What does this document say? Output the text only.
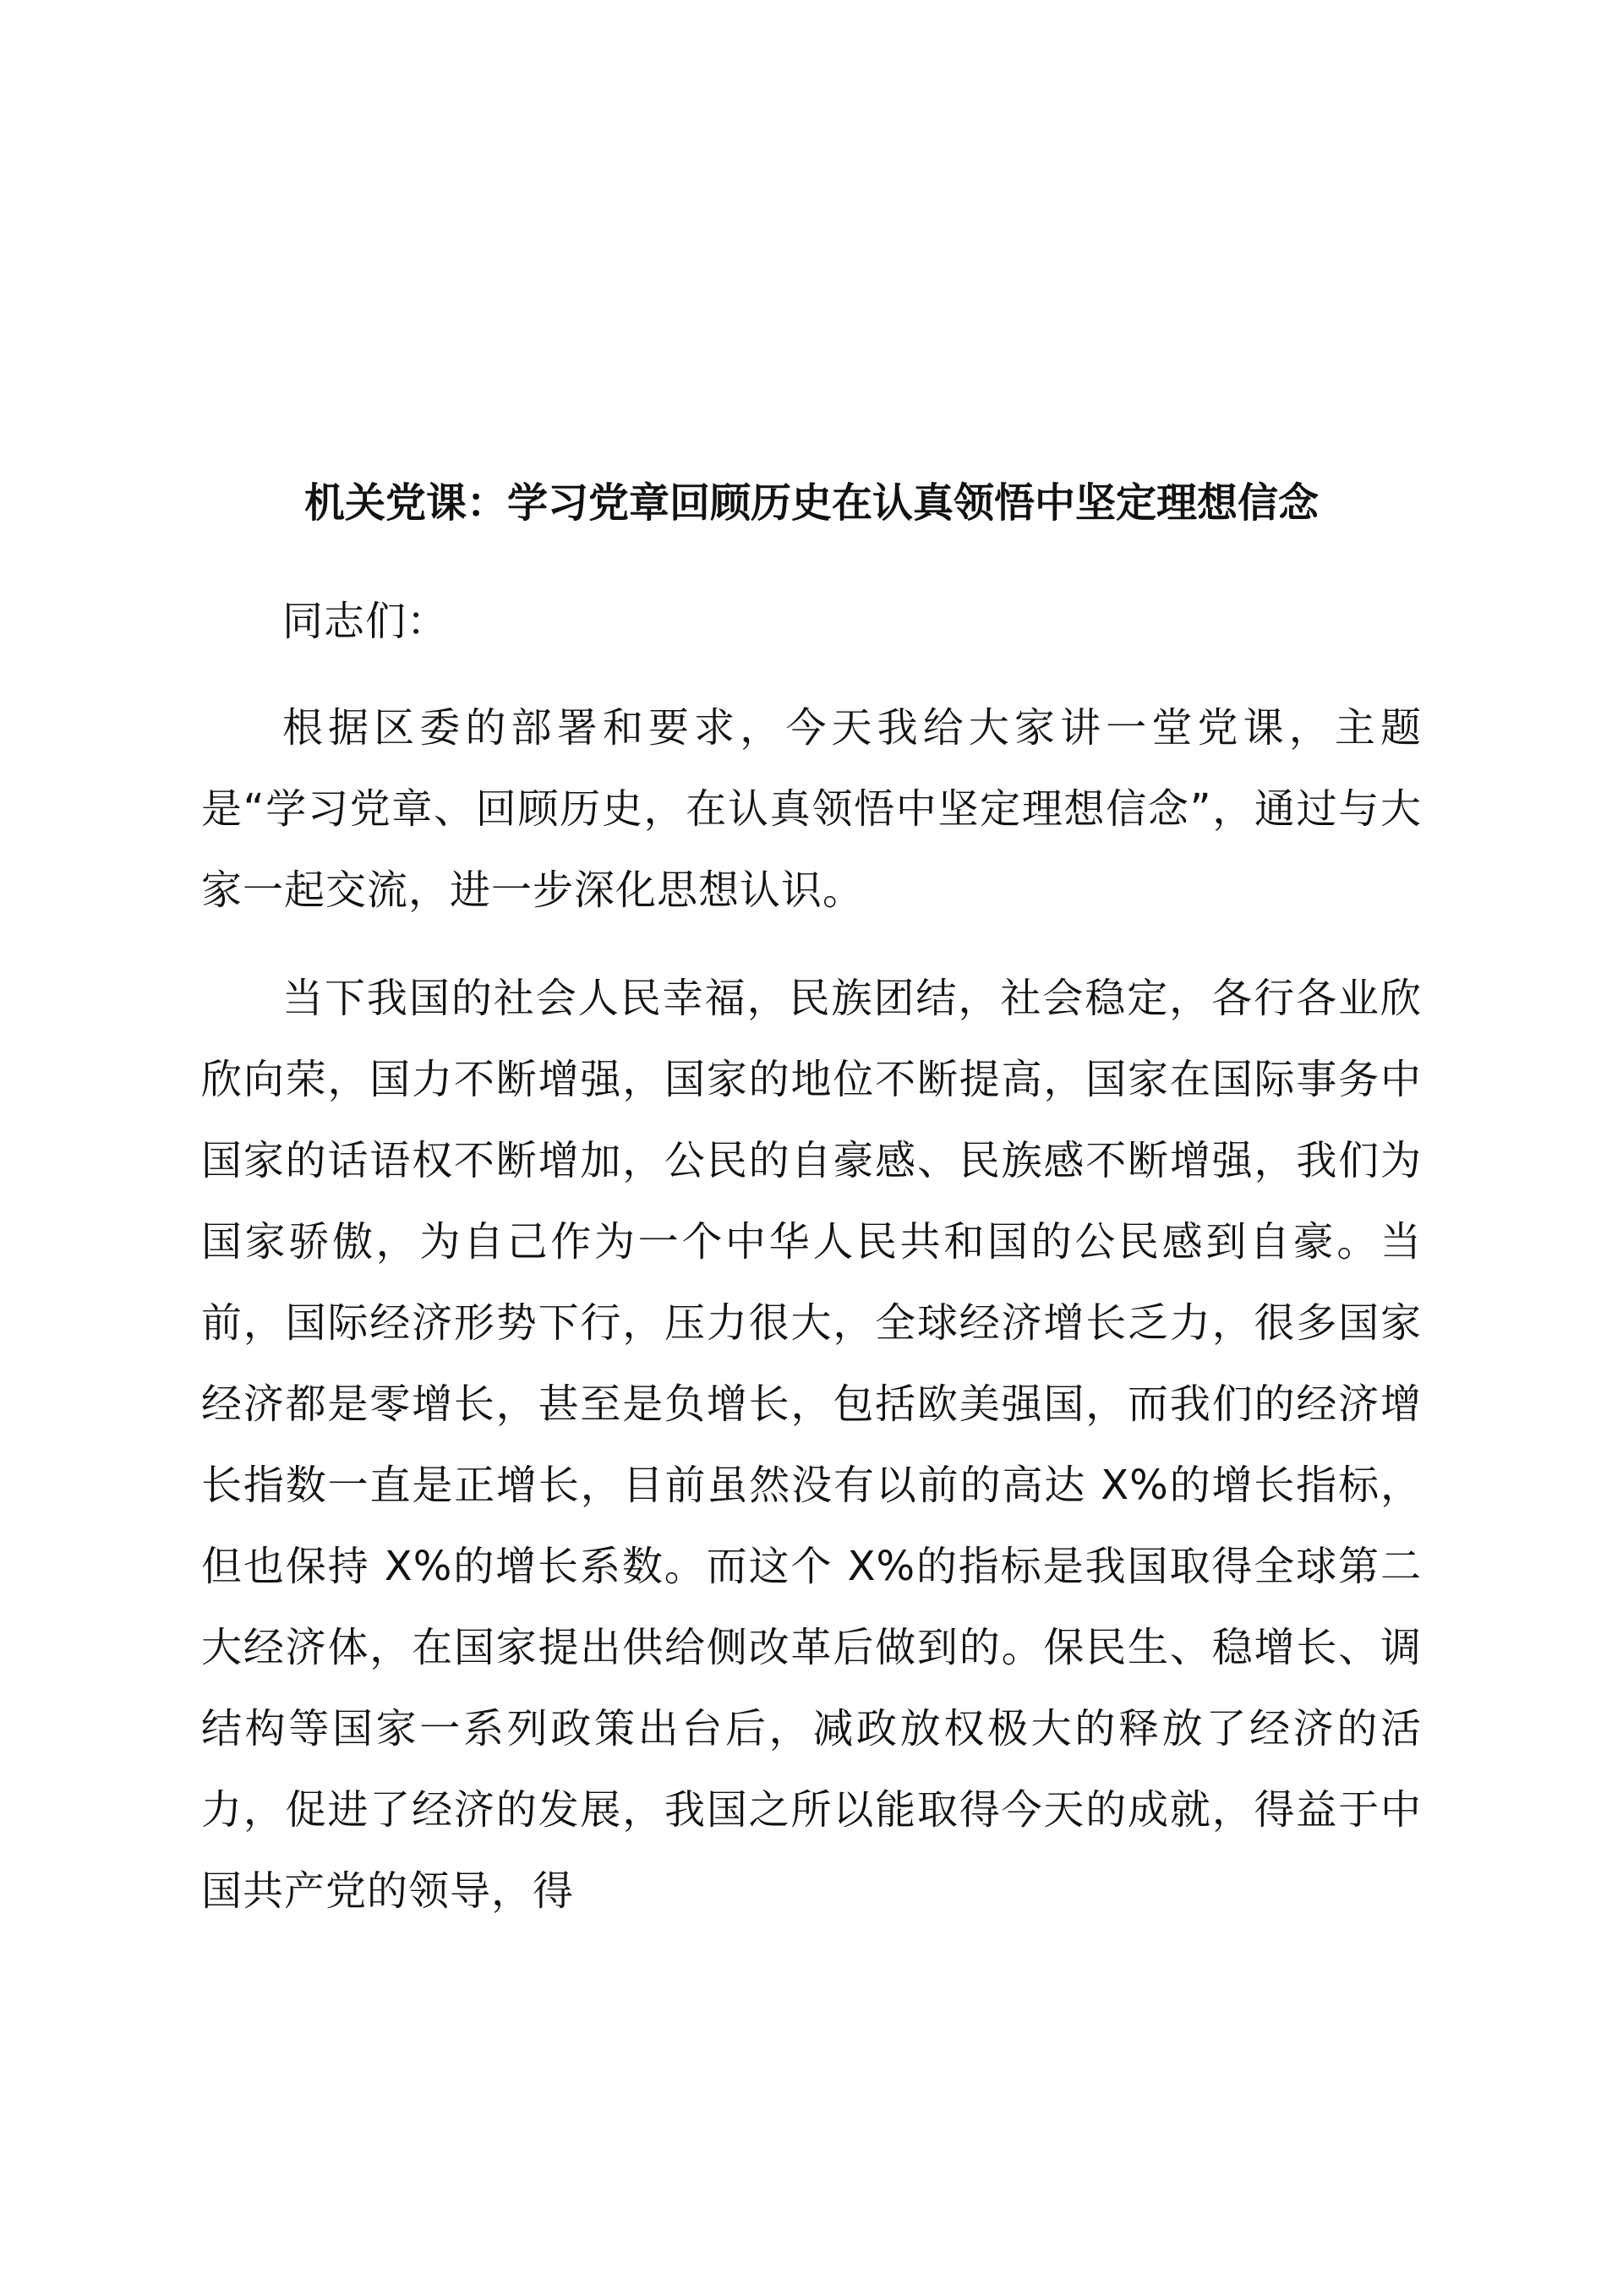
机关党课：学习党章回顾历史在认真领悟中坚定理想信念

同志们：

根据区委的部署和要求，今天我给大家讲一堂党课，主题是“学习党章、回顾历史，在认真领悟中坚定理想信念”，通过与大家一起交流，进一步深化思想认识。

当下我国的社会人民幸福，民族团结，社会稳定，各行各业欣欣向荣，国力不断增强，国家的地位不断提高，国家在国际事务中国家的话语权不断增加，公民的自豪感、民族感不断增强，我们为国家骄傲，为自己作为一个中华人民共和国的公民感到自豪。当前，国际经济形势下行，压力很大，全球经济增长乏力，很多国家经济都是零增长，甚至是负增长，包括欧美强国，而我们的经济增长指数一直是正增长，目前虽然没有以前的高达 X%的增长指标，但也保持 X%的增长系数。而这个 X%的指标是我国取得全球第二大经济体，在国家提出供给侧改革后做到的。保民生、稳增长、调结构等国家一系列政策出台后，减政放权极大的释放了经济的活力，促进了经济的发展，我国之所以能取得今天的成就，得益于中国共产党的领导，得
